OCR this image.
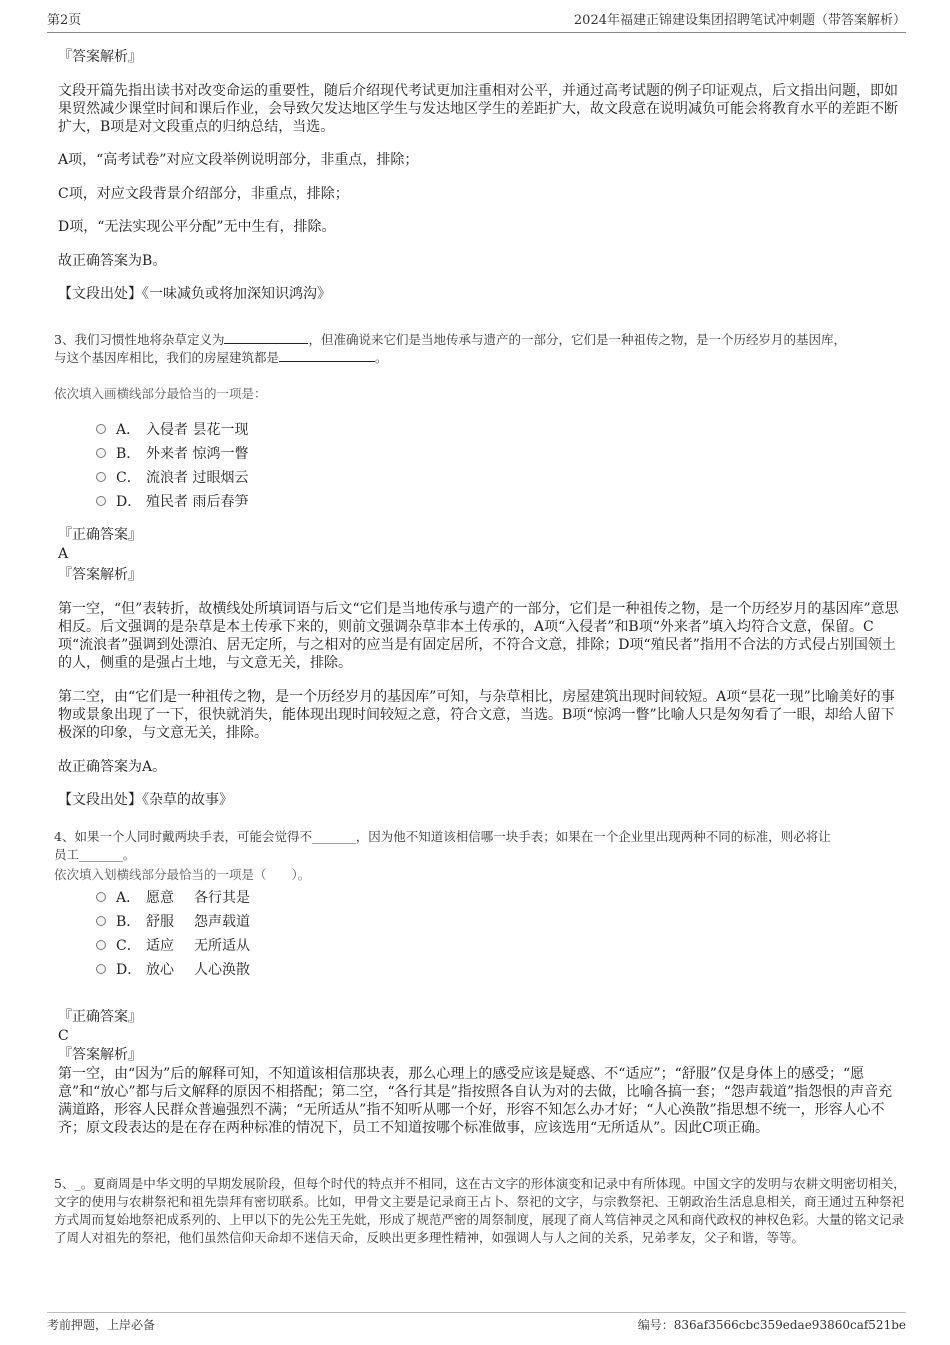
第2页	2024年福建正锦建设集团招聘笔试冲刺题（带答案解析）
『答案解析』
文段开篇先指出读书对改变命运的重要性，随后介绍现代考试更加注重相对公平，并通过高考试题的例子印证观点，后文指出问题，即如果贸然减少课堂时间和课后作业，会导致欠发达地区学生与发达地区学生的差距扩大，故文段意在说明减负可能会将教育水平的差距不断扩大，B项是对文段重点的归纳总结，当选。
A项，“高考试卷”对应文段举例说明部分，非重点，排除；
C项，对应文段背景介绍部分，非重点，排除；
D项，“无法实现公平分配”无中生有，排除。
故正确答案为B。
【文段出处】《一味减负或将加深知识鸿沟》
3、我们习惯性地将杂草定义为	，但准确说来它们是当地传承与遗产的一部分，它们是一种祖传之物，是一个历经岁月的基因库，
与这个基因库相比，我们的房屋建筑都是	。
依次填入画横线部分最恰当的一项是：
A． 入侵者 昙花一现
B． 外来者 惊鸿一瞥
C． 流浪者 过眼烟云
D． 殖民者 雨后春笋
『正确答案』
A
『答案解析』
第一空，“但”表转折，故横线处所填词语与后文“它们是当地传承与遗产的一部分，它们是一种祖传之物，是一个历经岁月的基因库”意思相反。后文强调的是杂草是本土传承下来的，则前文强调杂草非本土传承的，A项“入侵者”和B项“外来者”填入均符合文意，保留。C项“流浪者”强调到处漂泊、居无定所，与之相对的应当是有固定居所，不符合文意，排除；D项“殖民者”指用不合法的方式侵占别国领土的人，侧重的是强占土地，与文意无关，排除。
第二空，由“它们是一种祖传之物，是一个历经岁月的基因库”可知，与杂草相比，房屋建筑出现时间较短。A项“昙花一现”比喻美好的事物或景象出现了一下，很快就消失，能体现出现时间较短之意，符合文意，当选。B项“惊鸿一瞥”比喻人只是匆匆看了一眼，却给人留下极深的印象，与文意无关，排除。
故正确答案为A。
【文段出处】《杂草的故事》
4、如果一个人同时戴两块手表，可能会觉得不_______，因为他不知道该相信哪一块手表；如果在一个企业里出现两种不同的标准，则必将让
员工_______。
依次填入划横线部分最恰当的一项是（　　）。
A． 愿意 各行其是
B． 舒服 怨声载道
C． 适应 无所适从
D． 放心 人心涣散
『正确答案』
C
『答案解析』
第一空，由“因为”后的解释可知，不知道该相信那块表，那么心理上的感受应该是疑惑、不“适应”；“舒服”仅是身体上的感受；“愿意”和“放心”都与后文解释的原因不相搭配；第二空，“各行其是”指按照各自认为对的去做，比喻各搞一套；“怨声载道”指怨恨的声音充满道路，形容人民群众普遍强烈不满；“无所适从”指不知听从哪一个好，形容不知怎么办才好；“人心涣散”指思想不统一，形容人心不齐；原文段表达的是在存在两种标准的情况下，员工不知道按哪个标准做事，应该选用“无所适从”。因此C项正确。
5、_。夏商周是中华文明的早期发展阶段，但每个时代的特点并不相同，这在古文字的形体演变和记录中有所体现。中国文字的发明与农耕文明密切相关，文字的使用与农耕祭祀和祖先崇拜有密切联系。比如，甲骨文主要是记录商王占卜、祭祀的文字，与宗教祭祀、王朝政治生活息息相关，商王通过五种祭祀方式周而复始地祭祀成系列的、上甲以下的先公先王先妣，形成了规范严密的周祭制度，展现了商人笃信神灵之风和商代政权的神权色彩。大量的铭文记录了周人对祖先的祭祀，他们虽然信仰天命却不迷信天命，反映出更多理性精神，如强调人与人之间的关系，兄弟孝友，父子和谐，等等。
考前押题，上岸必备	编号：836af3566cbc359edae93860caf521be
